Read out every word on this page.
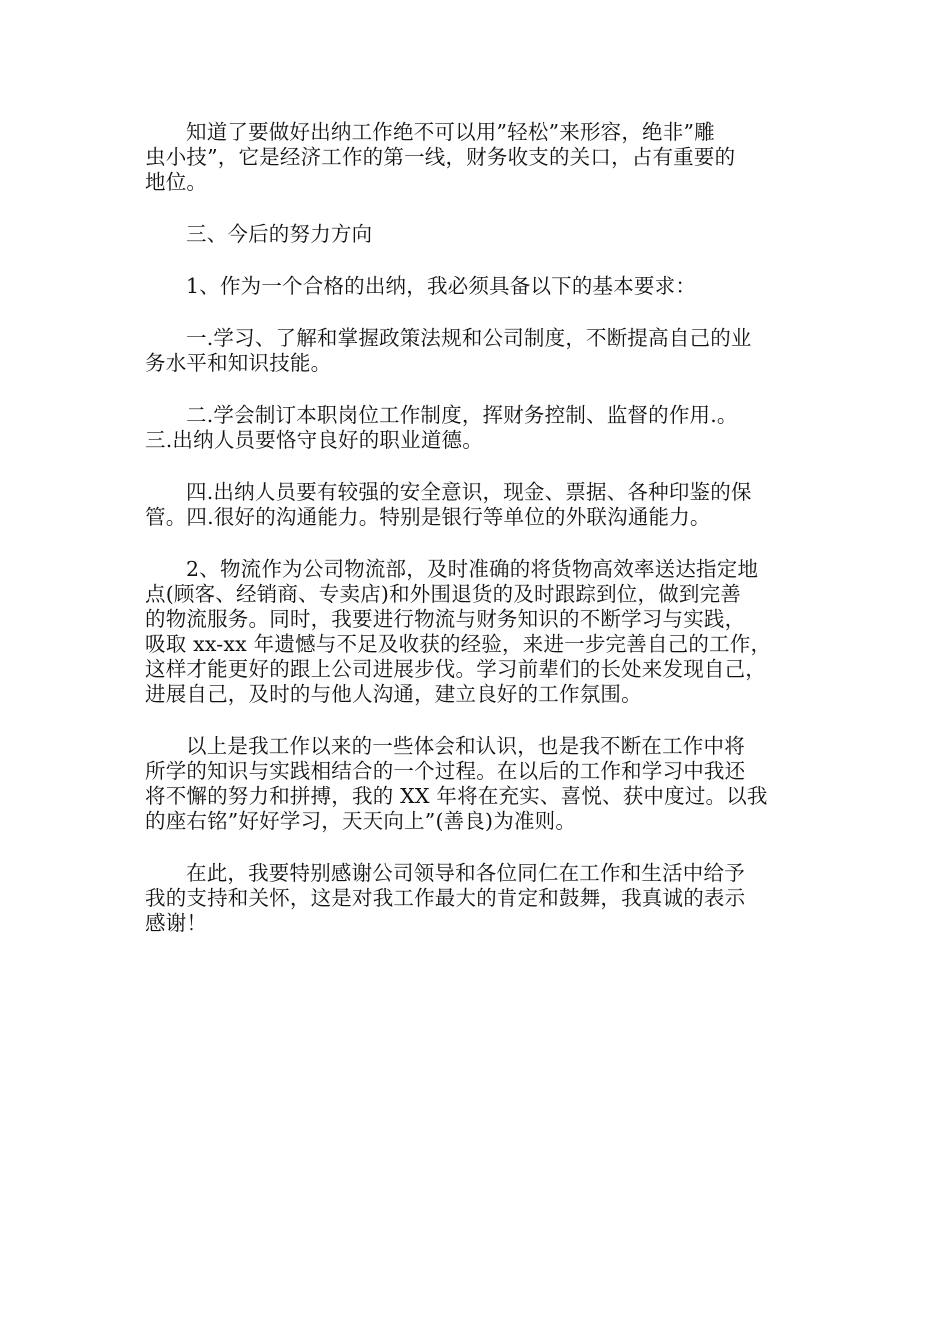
知道了要做好出纳工作绝不可以用”轻松”来形容，绝非”雕
虫小技”，它是经济工作的第一线，财务收支的关口，占有重要的
地位。

三、今后的努力方向

1、作为一个合格的出纳，我必须具备以下的基本要求：

一.学习、了解和掌握政策法规和公司制度，不断提高自己的业
务水平和知识技能。

二.学会制订本职岗位工作制度，挥财务控制、监督的作用.。
三.出纳人员要恪守良好的职业道德。

四.出纳人员要有较强的安全意识，现金、票据、各种印鉴的保
管。四.很好的沟通能力。特别是银行等单位的外联沟通能力。

2、物流作为公司物流部，及时准确的将货物高效率送达指定地
点(顾客、经销商、专卖店)和外围退货的及时跟踪到位，做到完善
的物流服务。同时，我要进行物流与财务知识的不断学习与实践，
吸取 xx-xx 年遗憾与不足及收获的经验，来进一步完善自己的工作，
这样才能更好的跟上公司进展步伐。学习前辈们的长处来发现自己，
进展自己，及时的与他人沟通，建立良好的工作氛围。

以上是我工作以来的一些体会和认识，也是我不断在工作中将
所学的知识与实践相结合的一个过程。在以后的工作和学习中我还
将不懈的努力和拼搏，我的 XX 年将在充实、喜悦、获中度过。以我
的座右铭”好好学习，天天向上”(善良)为准则。

在此，我要特别感谢公司领导和各位同仁在工作和生活中给予
我的支持和关怀，这是对我工作最大的肯定和鼓舞，我真诚的表示
感谢！
